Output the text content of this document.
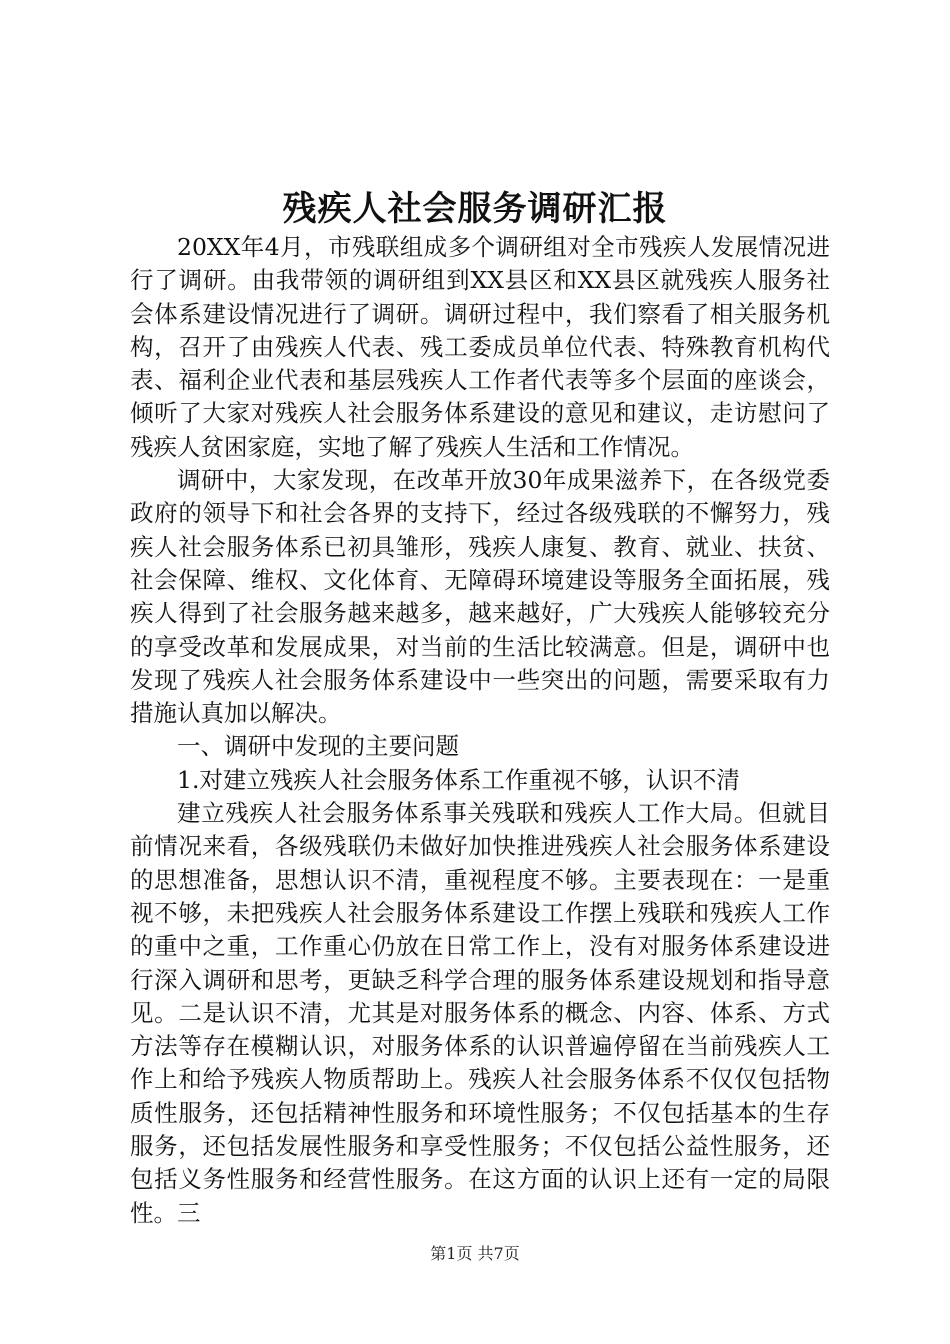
残疾人社会服务调研汇报

20XX年4月，市残联组成多个调研组对全市残疾人发展情况进行了调研。由我带领的调研组到XX县区和XX县区就残疾人服务社会体系建设情况进行了调研。调研过程中，我们察看了相关服务机构，召开了由残疾人代表、残工委成员单位代表、特殊教育机构代表、福利企业代表和基层残疾人工作者代表等多个层面的座谈会，倾听了大家对残疾人社会服务体系建设的意见和建议，走访慰问了残疾人贫困家庭，实地了解了残疾人生活和工作情况。

调研中，大家发现，在改革开放30年成果滋养下，在各级党委政府的领导下和社会各界的支持下，经过各级残联的不懈努力，残疾人社会服务体系已初具雏形，残疾人康复、教育、就业、扶贫、社会保障、维权、文化体育、无障碍环境建设等服务全面拓展，残疾人得到了社会服务越来越多，越来越好，广大残疾人能够较充分的享受改革和发展成果，对当前的生活比较满意。但是，调研中也发现了残疾人社会服务体系建设中一些突出的问题，需要采取有力措施认真加以解决。

一、调研中发现的主要问题

1.对建立残疾人社会服务体系工作重视不够，认识不清

建立残疾人社会服务体系事关残联和残疾人工作大局。但就目前情况来看，各级残联仍未做好加快推进残疾人社会服务体系建设的思想准备，思想认识不清，重视程度不够。主要表现在：一是重视不够，未把残疾人社会服务体系建设工作摆上残联和残疾人工作的重中之重，工作重心仍放在日常工作上，没有对服务体系建设进行深入调研和思考，更缺乏科学合理的服务体系建设规划和指导意见。二是认识不清，尤其是对服务体系的概念、内容、体系、方式方法等存在模糊认识，对服务体系的认识普遍停留在当前残疾人工作上和给予残疾人物质帮助上。残疾人社会服务体系不仅仅包括物质性服务，还包括精神性服务和环境性服务；不仅包括基本的生存服务，还包括发展性服务和享受性服务；不仅包括公益性服务，还包括义务性服务和经营性服务。在这方面的认识上还有一定的局限性。三

第1页 共7页
